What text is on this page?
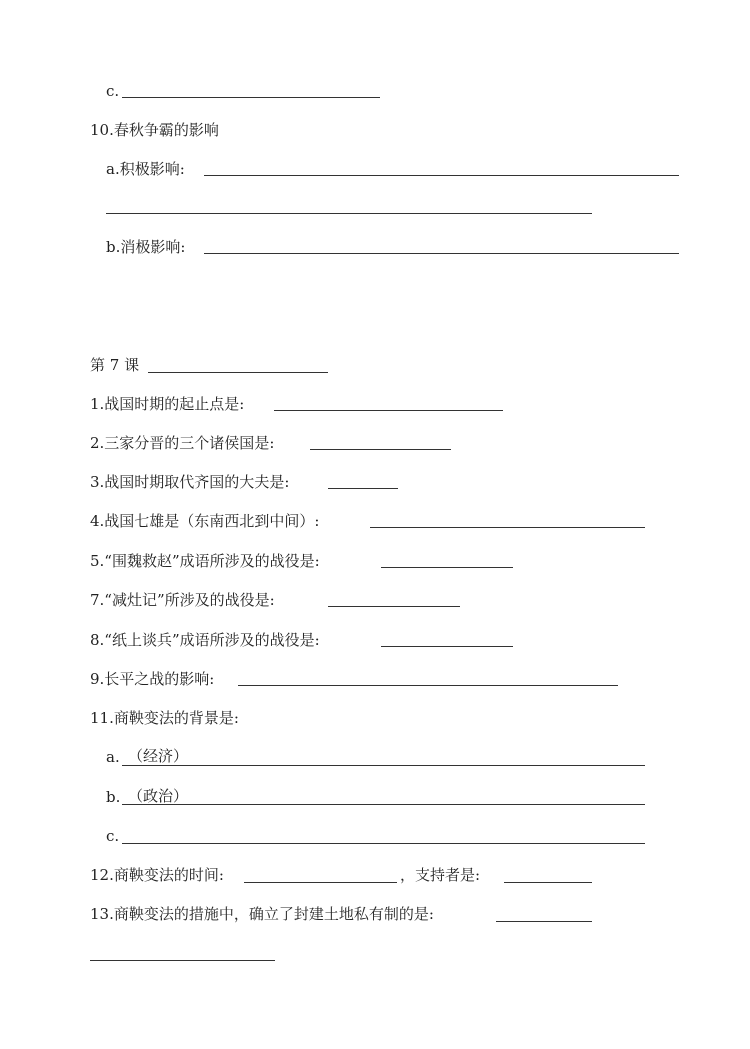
c.
10.春秋争霸的影响
a.积极影响:
b.消极影响:
第 7 课
1.战国时期的起止点是:
2.三家分晋的三个诸侯国是:
3.战国时期取代齐国的大夫是:
4.战国七雄是（东南西北到中间）:
5.“围魏救赵”成语所涉及的战役是:
7.“减灶记”所涉及的战役是:
8.“纸上谈兵”成语所涉及的战役是:
9.长平之战的影响:
11.商鞅变法的背景是:
a. （经济）
b. （政治）
c.
12.商鞅变法的时间:	，支持者是:
13.商鞅变法的措施中，确立了封建土地私有制的是:
